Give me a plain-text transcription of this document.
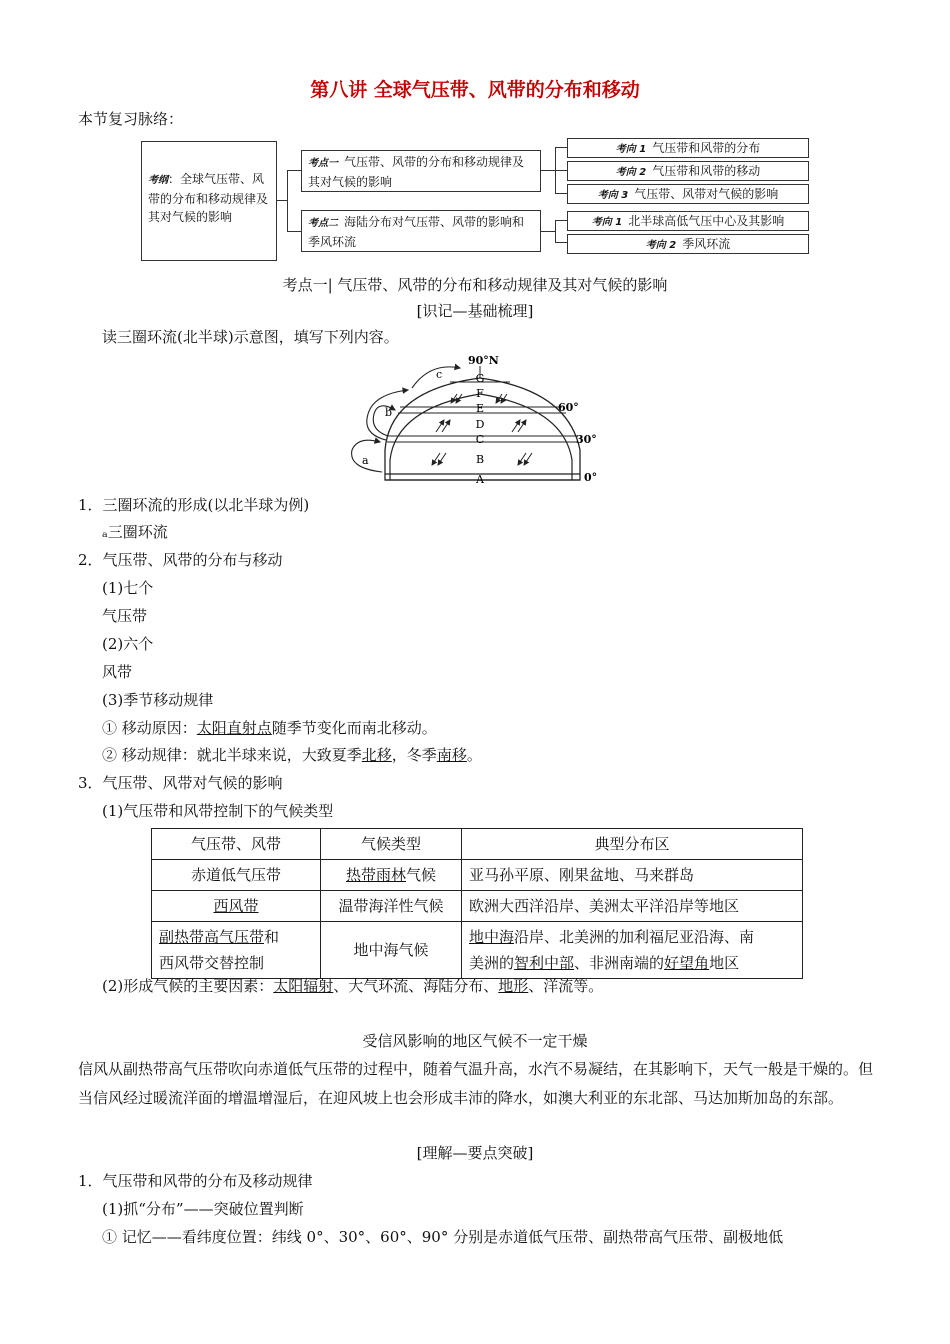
第八讲 全球气压带、风带的分布和移动
本节复习脉络：
考纲：全球气压带、风带的分布和移动规律及其对气候的影响
考点一 气压带、风带的分布和移动规律及其对气候的影响
考点二 海陆分布对气压带、风带的影响和季风环流
考向 1 气压带和风带的分布
考向 2 气压带和风带的移动
考向 3 气压带、风带对气候的影响
考向 1 北半球高低气压中心及其影响
考向 2 季风环流
考点一| 气压带、风带的分布和移动规律及其对气候的影响
[识记—基础梳理]
读三圈环流(北半球)示意图，填写下列内容。
A
B
C
D
E
F
G
90°N
60°
30°
0°
a
b
c
1．三圈环流的形成(以北半球为例)
ₐ三圈环流
2．气压带、风带的分布与移动
(1)七个
气压带
(2)六个
风带
(3)季节移动规律
① 移动原因：太阳直射点随季节变化而南北移动。
② 移动规律：就北半球来说，大致夏季北移，冬季南移。
3．气压带、风带对气候的影响
(1)气压带和风带控制下的气候类型
气压带、风带	气候类型	典型分布区
赤道低气压带	热带雨林气候	亚马孙平原、刚果盆地、马来群岛
西风带	温带海洋性气候	欧洲大西洋沿岸、美洲太平洋沿岸等地区
副热带高气压带和
西风带交替控制	地中海气候	地中海沿岸、北美洲的加利福尼亚沿海、南
美洲的智利中部、非洲南端的好望角地区
(2)形成气候的主要因素：太阳辐射、大气环流、海陆分布、地形、洋流等。
受信风影响的地区气候不一定干燥
信风从副热带高气压带吹向赤道低气压带的过程中，随着气温升高，水汽不易凝结，在其影响下，天气一般是干燥的。但当信风经过暖流洋面的增温增湿后，在迎风坡上也会形成丰沛的降水，如澳大利亚的东北部、马达加斯加岛的东部。
[理解—要点突破]
1．气压带和风带的分布及移动规律
(1)抓“分布”——突破位置判断
① 记忆——看纬度位置：纬线 0°、30°、60°、90° 分别是赤道低气压带、副热带高气压带、副极地低
